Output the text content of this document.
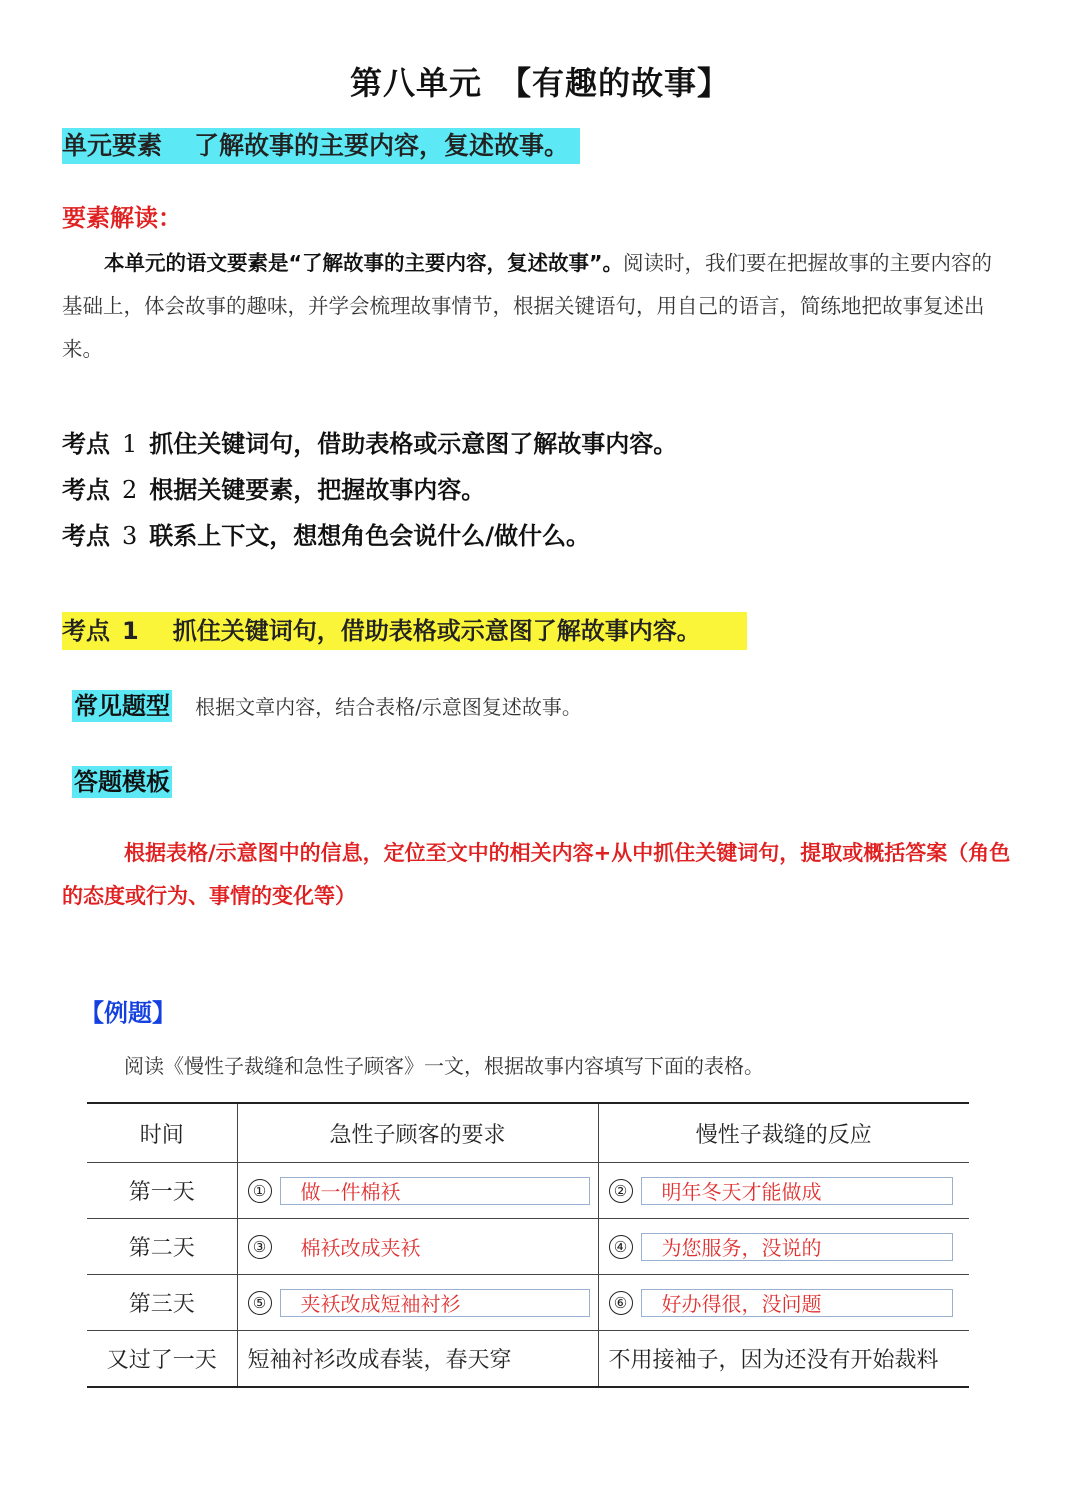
第八单元　【有趣的故事】
单元要素 了解故事的主要内容，复述故事。
要素解读：
本单元的语文要素是“了解故事的主要内容，复述故事”。阅读时，我们要在把握故事的主要内容的基础上，体会故事的趣味，并学会梳理故事情节，根据关键语句，用自己的语言，简练地把故事复述出来。
考点 1 抓住关键词句，借助表格或示意图了解故事内容。
考点 2 根据关键要素，把握故事内容。
考点 3 联系上下文，想想角色会说什么/做什么。
考点 1 抓住关键词句，借助表格或示意图了解故事内容。
常见题型 根据文章内容，结合表格/示意图复述故事。
答题模板
根据表格/示意图中的信息，定位至文中的相关内容+从中抓住关键词句，提取或概括答案（角色的态度或行为、事情的变化等）
【例题】
阅读《慢性子裁缝和急性子顾客》一文，根据故事内容填写下面的表格。
时间	急性子顾客的要求	慢性子裁缝的反应
第一天	① 做一件棉袄	② 明年冬天才能做成

第二天	③ 棉袄改成夹袄	④ 为您服务，没说的

第三天	⑤ 夹袄改成短袖衬衫	⑥ 好办得很，没问题

又过了一天	短袖衬衫改成春装，春天穿	不用接袖子，因为还没有开始裁料
